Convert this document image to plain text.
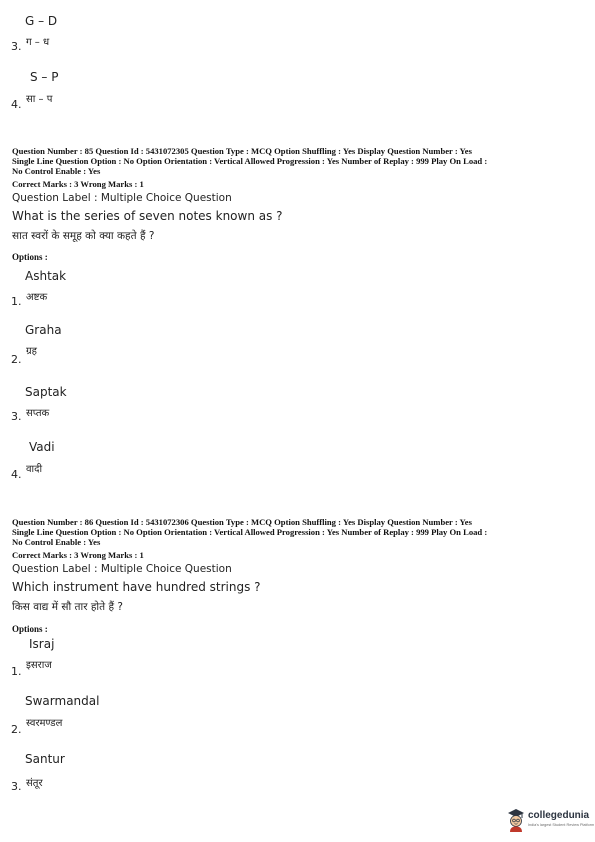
G – D
3. ग – ध
S – P
4. सा – प
Question Number : 85 Question Id : 5431072305 Question Type : MCQ Option Shuffling : Yes Display Question Number : Yes
Single Line Question Option : No Option Orientation : Vertical Allowed Progression : Yes Number of Replay : 999 Play On Load :
No Control Enable : Yes
Correct Marks : 3 Wrong Marks : 1
Question Label : Multiple Choice Question
What is the series of seven notes known as ?
सात स्वरों के समूह को क्या कहते हैं ?
Options :
Ashtak
1. अष्टक
Graha
2.
ग्रह
Saptak
3. सप्तक
Vadi
4. वादी
Question Number : 86 Question Id : 5431072306 Question Type : MCQ Option Shuffling : Yes Display Question Number : Yes
Single Line Question Option : No Option Orientation : Vertical Allowed Progression : Yes Number of Replay : 999 Play On Load :
No Control Enable : Yes
Correct Marks : 3 Wrong Marks : 1
Question Label : Multiple Choice Question
Which instrument have hundred strings ?
किस वाद्य में सौ तार होते हैं ?
Options :
Israj
1. इसराज
Swarmandal
2. स्वरमण्डल
Santur
3. संतूर
collegedunia
India's largest Student Review Platform
